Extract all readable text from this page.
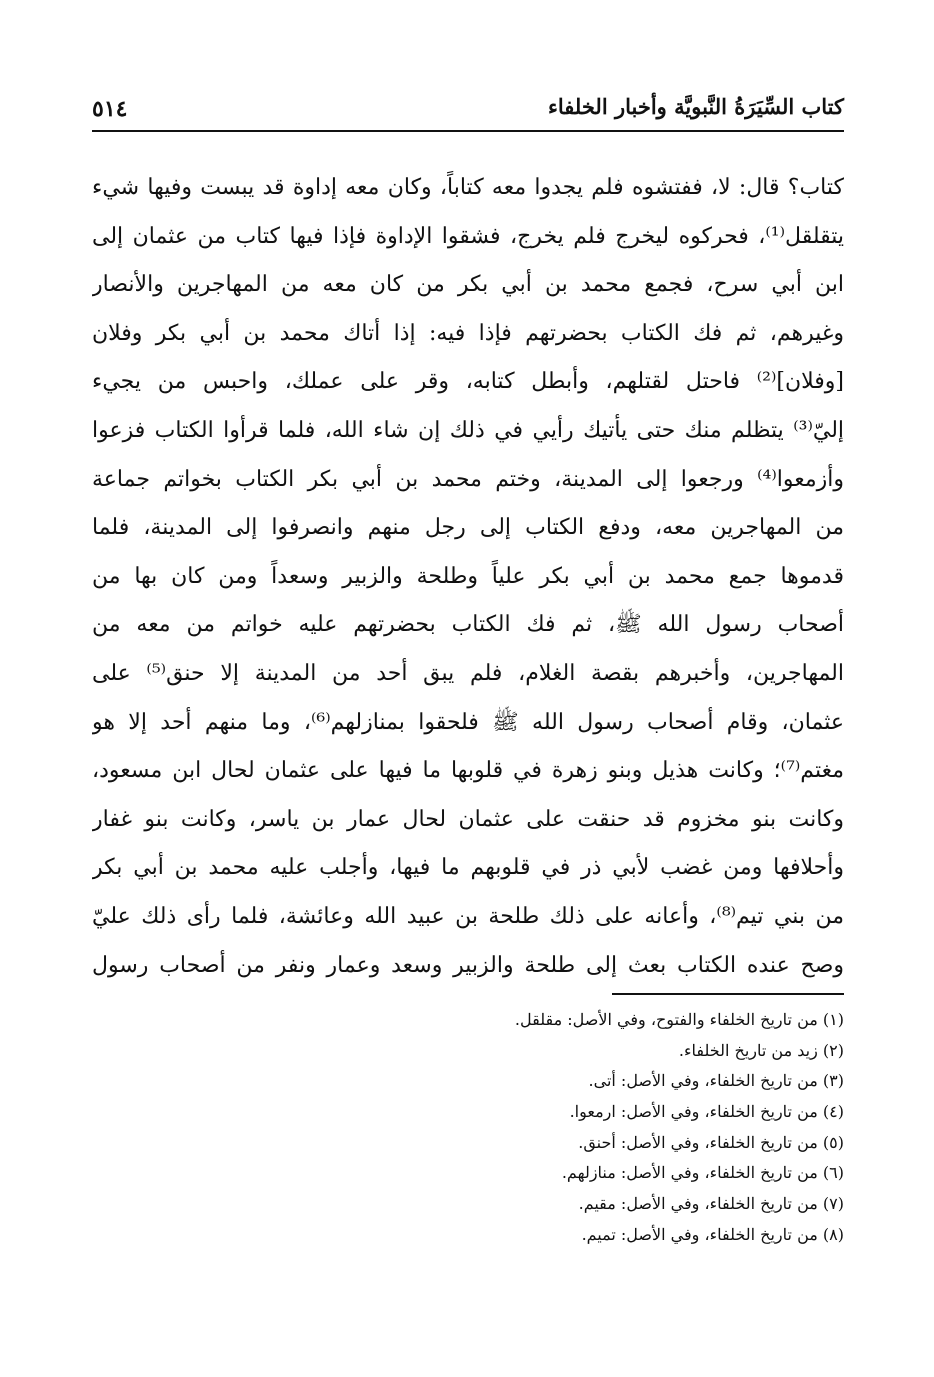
كتاب السِّيَرَةُ النَّبويَّة وأخبار الخلفاء
٥١٤
كتاب؟ قال: لا، ففتشوه فلم يجدوا معه كتاباً، وكان معه إداوة قد يبست وفيها شيء
يتقلقل⁽¹⁾، فحركوه ليخرج فلم يخرج، فشقوا الإداوة فإذا فيها كتاب من عثمان إلى
ابن أبي سرح، فجمع محمد بن أبي بكر من كان معه من المهاجرين والأنصار
وغيرهم، ثم فك الكتاب بحضرتهم فإذا فيه: إذا أتاك محمد بن أبي بكر وفلان
[وفلان]⁽²⁾ فاحتل لقتلهم، وأبطل كتابه، وقر على عملك، واحبس من يجيء
إليّ⁽³⁾ يتظلم منك حتى يأتيك رأيي في ذلك إن شاء الله، فلما قرأوا الكتاب فزعوا
وأزمعوا⁽⁴⁾ ورجعوا إلى المدينة، وختم محمد بن أبي بكر الكتاب بخواتم جماعة
من المهاجرين معه، ودفع الكتاب إلى رجل منهم وانصرفوا إلى المدينة، فلما
قدموها جمع محمد بن أبي بكر علياً وطلحة والزبير وسعداً ومن كان بها من
أصحاب رسول الله ﷺ، ثم فك الكتاب بحضرتهم عليه خواتم من معه من
المهاجرين، وأخبرهم بقصة الغلام، فلم يبق أحد من المدينة إلا حنق⁽⁵⁾ على
عثمان، وقام أصحاب رسول الله ﷺ فلحقوا بمنازلهم⁽⁶⁾، وما منهم أحد إلا هو
مغتم⁽⁷⁾؛ وكانت هذيل وبنو زهرة في قلوبها ما فيها على عثمان لحال ابن مسعود،
وكانت بنو مخزوم قد حنقت على عثمان لحال عمار بن ياسر، وكانت بنو غفار
وأحلافها ومن غضب لأبي ذر في قلوبهم ما فيها، وأجلب عليه محمد بن أبي بكر
من بني تيم⁽⁸⁾، وأعانه على ذلك طلحة بن عبيد الله وعائشة، فلما رأى ذلك عليّ
وصح عنده الكتاب بعث إلى طلحة والزبير وسعد وعمار ونفر من أصحاب رسول
(١) من تاريخ الخلفاء والفتوح، وفي الأصل: مقلقل.
(٢) زيد من تاريخ الخلفاء.
(٣) من تاريخ الخلفاء، وفي الأصل: أتى.
(٤) من تاريخ الخلفاء، وفي الأصل: ارمعوا.
(٥) من تاريخ الخلفاء، وفي الأصل: أحنق.
(٦) من تاريخ الخلفاء، وفي الأصل: منازلهم.
(٧) من تاريخ الخلفاء، وفي الأصل: مقيم.
(٨) من تاريخ الخلفاء، وفي الأصل: تميم.
